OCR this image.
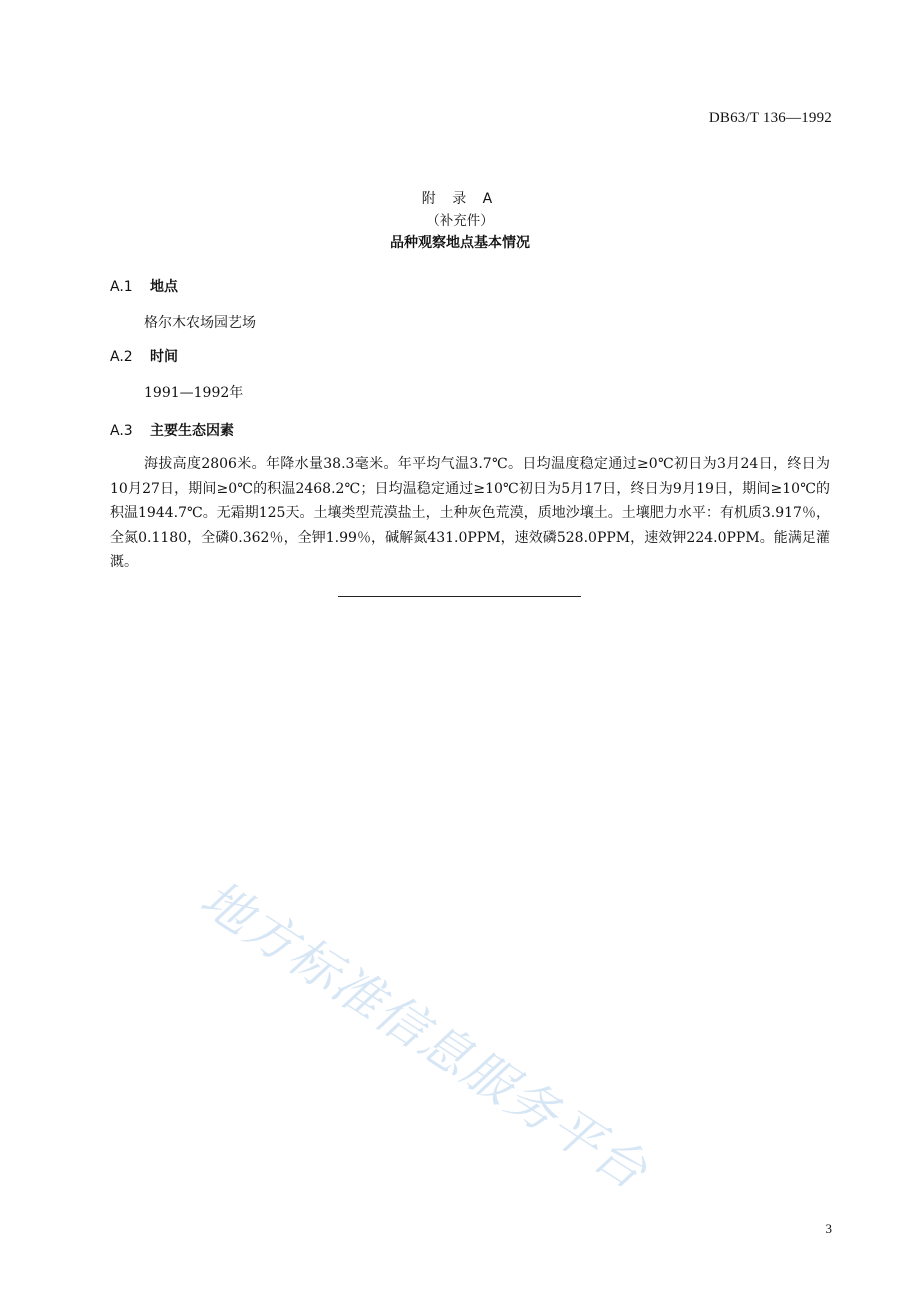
DB63/T 136—1992
附 录 A
（补充件）
品种观察地点基本情况
A.1 地点
格尔木农场园艺场
A.2 时间
1991—1992年
A.3 主要生态因素
海拔高度2806米。年降水量38.3毫米。年平均气温3.7℃。日均温度稳定通过≥0℃初日为3月24日，终日为10月27日，期间≥0℃的积温2468.2℃；日均温稳定通过≥10℃初日为5月17日，终日为9月19日，期间≥10℃的积温1944.7℃。无霜期125天。土壤类型荒漠盐土，土种灰色荒漠，质地沙壤土。土壤肥力水平：有机质3.917％，全氮0.1180，全磷0.362％，全钾1.99％，碱解氮431.0PPM，速效磷528.0PPM，速效钾224.0PPM。能满足灌溉。
地方标准信息服务平台
3
